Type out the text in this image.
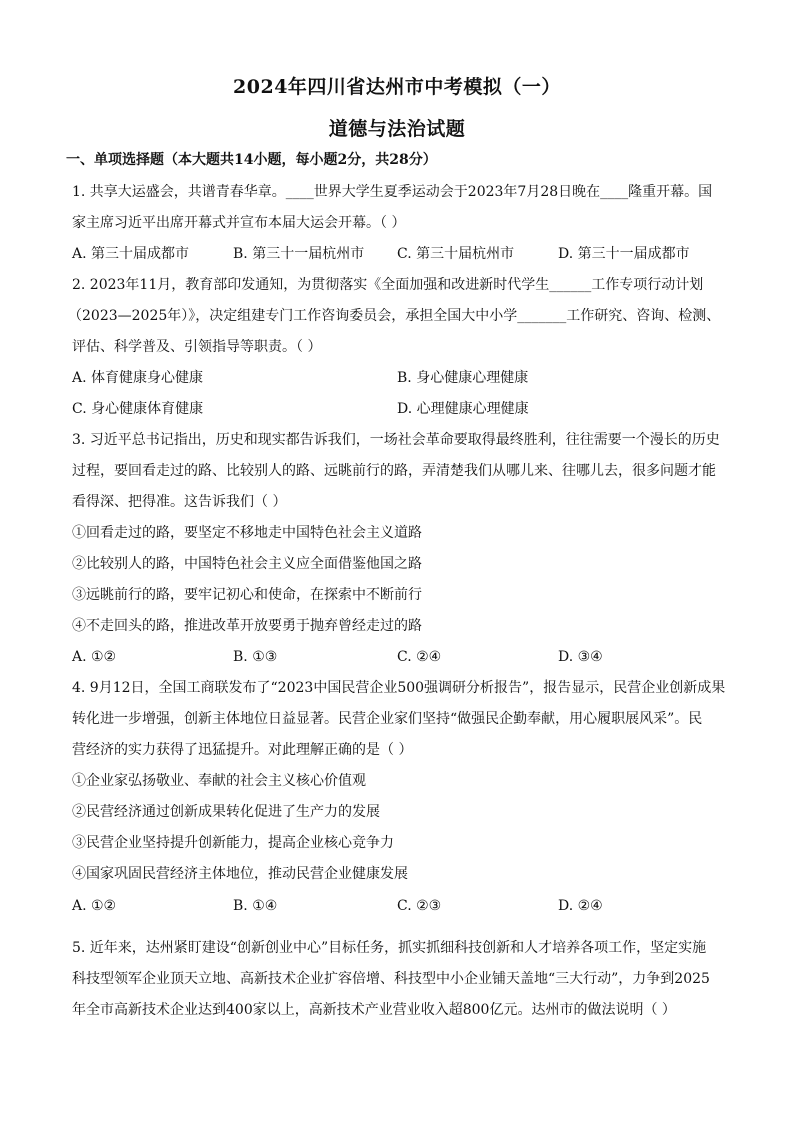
2024年四川省达州市中考模拟（一）
道德与法治试题
一、单项选择题（本大题共14小题，每小题2分，共28分）
1. 共享大运盛会，共谱青春华章。____世界大学生夏季运动会于2023年7月28日晚在____隆重开幕。国
家主席习近平出席开幕式并宣布本届大运会开幕。（ ）
A. 第三十届成都市	B. 第三十一届杭州市 C. 第三十届杭州市	D. 第三十一届成都市
2. 2023年11月，教育部印发通知，为贯彻落实《全面加强和改进新时代学生______工作专项行动计划
（2023—2025年）》，决定组建专门工作咨询委员会，承担全国大中小学_______工作研究、咨询、检测、
评估、科学普及、引领指导等职责。（ ）
A. 体育健康身心健康	B. 身心健康心理健康
C. 身心健康体育健康	D. 心理健康心理健康
3. 习近平总书记指出，历史和现实都告诉我们，一场社会革命要取得最终胜利，往往需要一个漫长的历史
过程，要回看走过的路、比较别人的路、远眺前行的路，弄清楚我们从哪儿来、往哪儿去，很多问题才能
看得深、把得准。这告诉我们（ ）
①回看走过的路，要坚定不移地走中国特色社会主义道路
②比较别人的路，中国特色社会主义应全面借鉴他国之路
③远眺前行的路，要牢记初心和使命，在探索中不断前行
④不走回头的路，推进改革开放要勇于抛弃曾经走过的路
A. ①②	B. ①③	C. ②④	D. ③④
4. 9月12日，全国工商联发布了“2023中国民营企业500强调研分析报告”，报告显示，民营企业创新成果
转化进一步增强，创新主体地位日益显著。民营企业家们坚持“做强民企勤奉献，用心履职展风采”。民
营经济的实力获得了迅猛提升。对此理解正确的是（ ）
①企业家弘扬敬业、奉献的社会主义核心价值观
②民营经济通过创新成果转化促进了生产力的发展
③民营企业坚持提升创新能力，提高企业核心竞争力
④国家巩固民营经济主体地位，推动民营企业健康发展
A. ①②	B. ①④	C. ②③	D. ②④
5. 近年来，达州紧盯建设“创新创业中心”目标任务，抓实抓细科技创新和人才培养各项工作，坚定实施
科技型领军企业顶天立地、高新技术企业扩容倍增、科技型中小企业铺天盖地“三大行动”，力争到2025
年全市高新技术企业达到400家以上，高新技术产业营业收入超800亿元。达州市的做法说明（ ）
